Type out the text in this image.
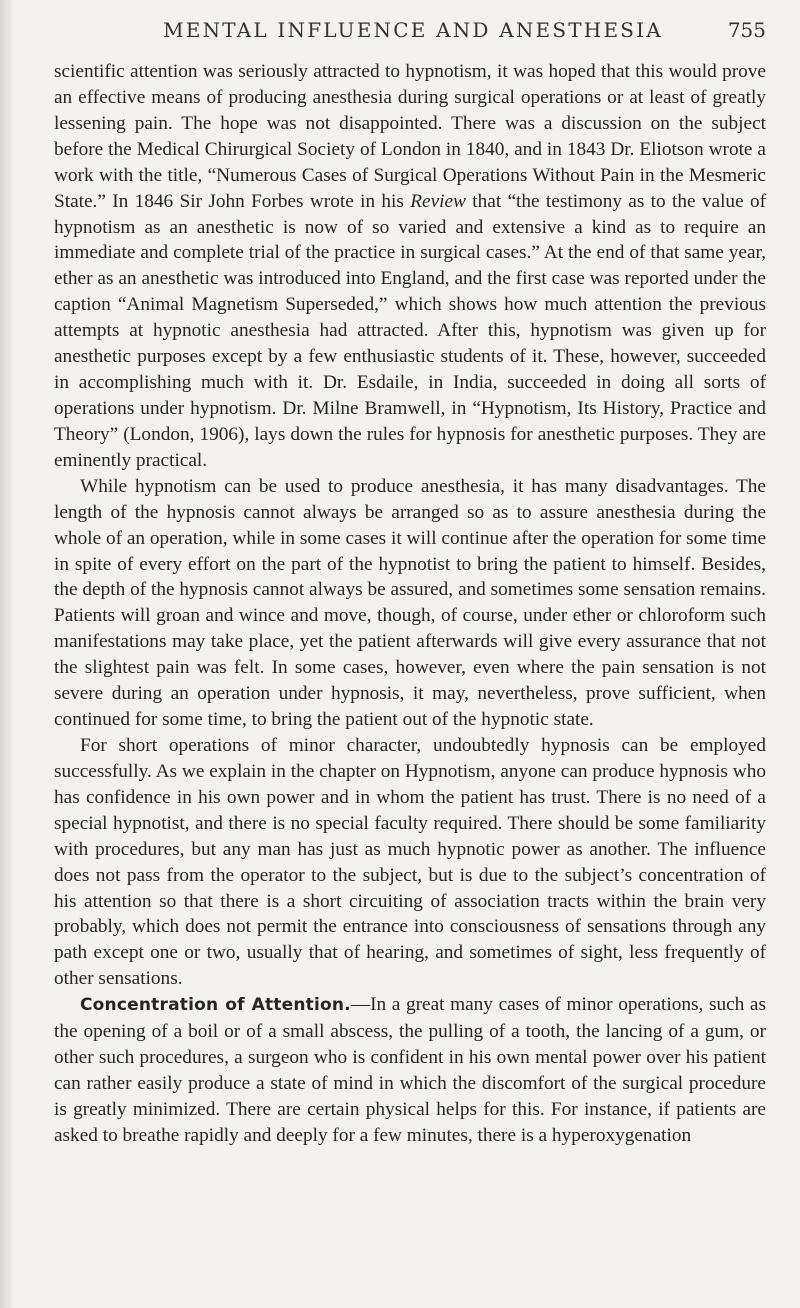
MENTAL INFLUENCE AND ANESTHESIA	755

scientific attention was seriously attracted to hypnotism, it was hoped that this would prove an effective means of producing anesthesia during surgical operations or at least of greatly lessening pain. The hope was not disappointed. There was a discussion on the subject before the Medical Chirurgical Society of London in 1840, and in 1843 Dr. Eliotson wrote a work with the title, “Numerous Cases of Surgical Operations Without Pain in the Mesmeric State.” In 1846 Sir John Forbes wrote in his Review that “the testimony as to the value of hypnotism as an anesthetic is now of so varied and extensive a kind as to require an immediate and complete trial of the practice in surgical cases.” At the end of that same year, ether as an anesthetic was introduced into England, and the first case was reported under the caption “Animal Magnetism Superseded,” which shows how much attention the previous attempts at hypnotic anesthesia had attracted. After this, hypnotism was given up for anesthetic purposes except by a few enthusiastic students of it. These, however, succeeded in accomplishing much with it. Dr. Esdaile, in India, succeeded in doing all sorts of operations under hypnotism. Dr. Milne Bramwell, in “Hypnotism, Its History, Practice and Theory” (London, 1906), lays down the rules for hypnosis for anesthetic purposes. They are eminently practical.

While hypnotism can be used to produce anesthesia, it has many disadvantages. The length of the hypnosis cannot always be arranged so as to assure anesthesia during the whole of an operation, while in some cases it will continue after the operation for some time in spite of every effort on the part of the hypnotist to bring the patient to himself. Besides, the depth of the hypnosis cannot always be assured, and sometimes some sensation remains. Patients will groan and wince and move, though, of course, under ether or chloroform such manifestations may take place, yet the patient afterwards will give every assurance that not the slightest pain was felt. In some cases, however, even where the pain sensation is not severe during an operation under hypnosis, it may, nevertheless, prove sufficient, when continued for some time, to bring the patient out of the hypnotic state.

For short operations of minor character, undoubtedly hypnosis can be employed successfully. As we explain in the chapter on Hypnotism, anyone can produce hypnosis who has confidence in his own power and in whom the patient has trust. There is no need of a special hypnotist, and there is no special faculty required. There should be some familiarity with procedures, but any man has just as much hypnotic power as another. The influence does not pass from the operator to the subject, but is due to the subject’s concentration of his attention so that there is a short circuiting of association tracts within the brain very probably, which does not permit the entrance into consciousness of sensations through any path except one or two, usually that of hearing, and sometimes of sight, less frequently of other sensations.

Concentration of Attention.—In a great many cases of minor operations, such as the opening of a boil or of a small abscess, the pulling of a tooth, the lancing of a gum, or other such procedures, a surgeon who is confident in his own mental power over his patient can rather easily produce a state of mind in which the discomfort of the surgical procedure is greatly minimized. There are certain physical helps for this. For instance, if patients are asked to breathe rapidly and deeply for a few minutes, there is a hyperoxygenation
